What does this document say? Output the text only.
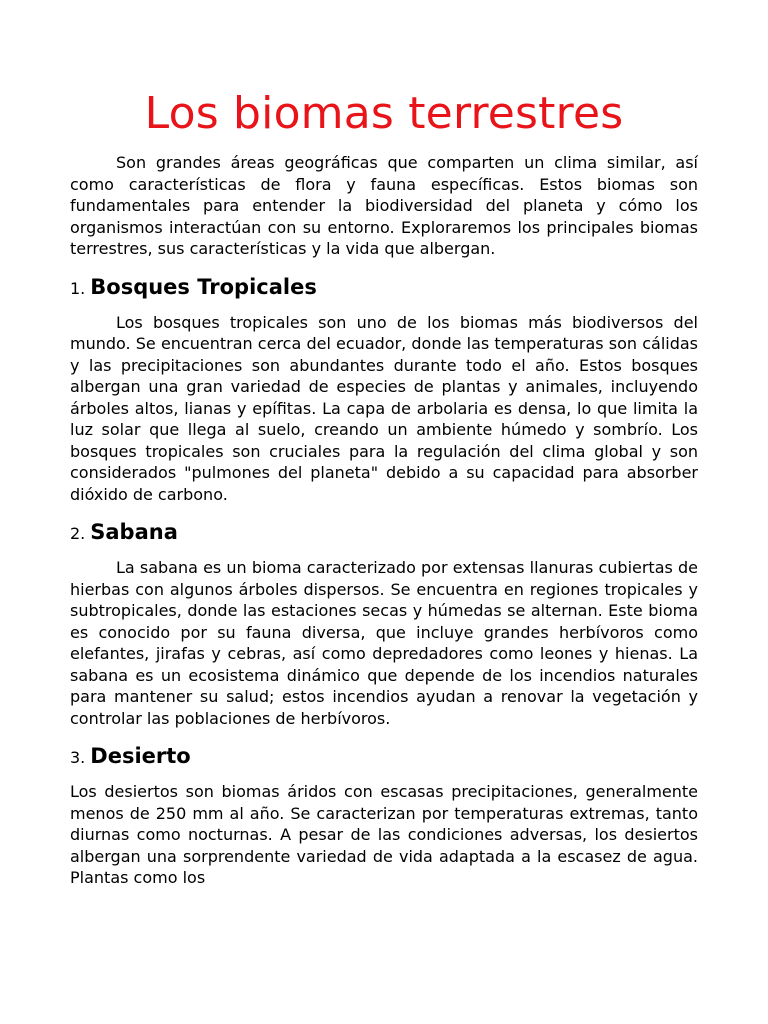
Los biomas terrestres

Son grandes áreas geográficas que comparten un clima similar, así como características de flora y fauna específicas. Estos biomas son fundamentales para entender la biodiversidad del planeta y cómo los organismos interactúan con su entorno. Exploraremos los principales biomas terrestres, sus características y la vida que albergan.

1. Bosques Tropicales

Los bosques tropicales son uno de los biomas más biodiversos del mundo. Se encuentran cerca del ecuador, donde las temperaturas son cálidas y las precipitaciones son abundantes durante todo el año. Estos bosques albergan una gran variedad de especies de plantas y animales, incluyendo árboles altos, lianas y epífitas. La capa de arbolaria es densa, lo que limita la luz solar que llega al suelo, creando un ambiente húmedo y sombrío. Los bosques tropicales son cruciales para la regulación del clima global y son considerados "pulmones del planeta" debido a su capacidad para absorber dióxido de carbono.

2. Sabana

La sabana es un bioma caracterizado por extensas llanuras cubiertas de hierbas con algunos árboles dispersos. Se encuentra en regiones tropicales y subtropicales, donde las estaciones secas y húmedas se alternan. Este bioma es conocido por su fauna diversa, que incluye grandes herbívoros como elefantes, jirafas y cebras, así como depredadores como leones y hienas. La sabana es un ecosistema dinámico que depende de los incendios naturales para mantener su salud; estos incendios ayudan a renovar la vegetación y controlar las poblaciones de herbívoros.

3. Desierto

Los desiertos son biomas áridos con escasas precipitaciones, generalmente menos de 250 mm al año. Se caracterizan por temperaturas extremas, tanto diurnas como nocturnas. A pesar de las condiciones adversas, los desiertos albergan una sorprendente variedad de vida adaptada a la escasez de agua. Plantas como los
